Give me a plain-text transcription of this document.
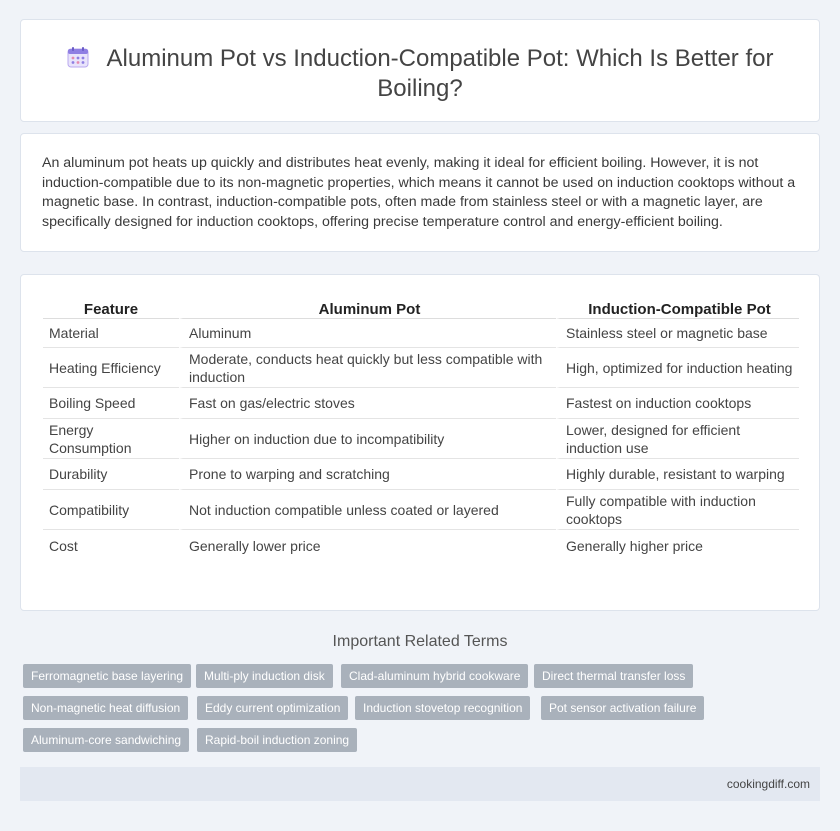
Aluminum Pot vs Induction-Compatible Pot: Which Is Better for Boiling?

An aluminum pot heats up quickly and distributes heat evenly, making it ideal for efficient boiling. However, it is not induction-compatible due to its non-magnetic properties, which means it cannot be used on induction cooktops without a magnetic base. In contrast, induction-compatible pots, often made from stainless steel or with a magnetic layer, are specifically designed for induction cooktops, offering precise temperature control and energy-efficient boiling.

Feature	Aluminum Pot	Induction-Compatible Pot
Material	Aluminum	Stainless steel or magnetic base
Heating Efficiency	Moderate, conducts heat quickly but less compatible with induction	High, optimized for induction heating
Boiling Speed	Fast on gas/electric stoves	Fastest on induction cooktops
Energy Consumption	Higher on induction due to incompatibility	Lower, designed for efficient induction use
Durability	Prone to warping and scratching	Highly durable, resistant to warping
Compatibility	Not induction compatible unless coated or layered	Fully compatible with induction cooktops
Cost	Generally lower price	Generally higher price
Important Related Terms
Ferromagnetic base layering	Multi-ply induction disk	Clad-aluminum hybrid cookware	Direct thermal transfer loss
Non-magnetic heat diffusion	Eddy current optimization	Induction stovetop recognition	Pot sensor activation failure
Aluminum-core sandwiching	Rapid-boil induction zoning
cookingdiff.com
